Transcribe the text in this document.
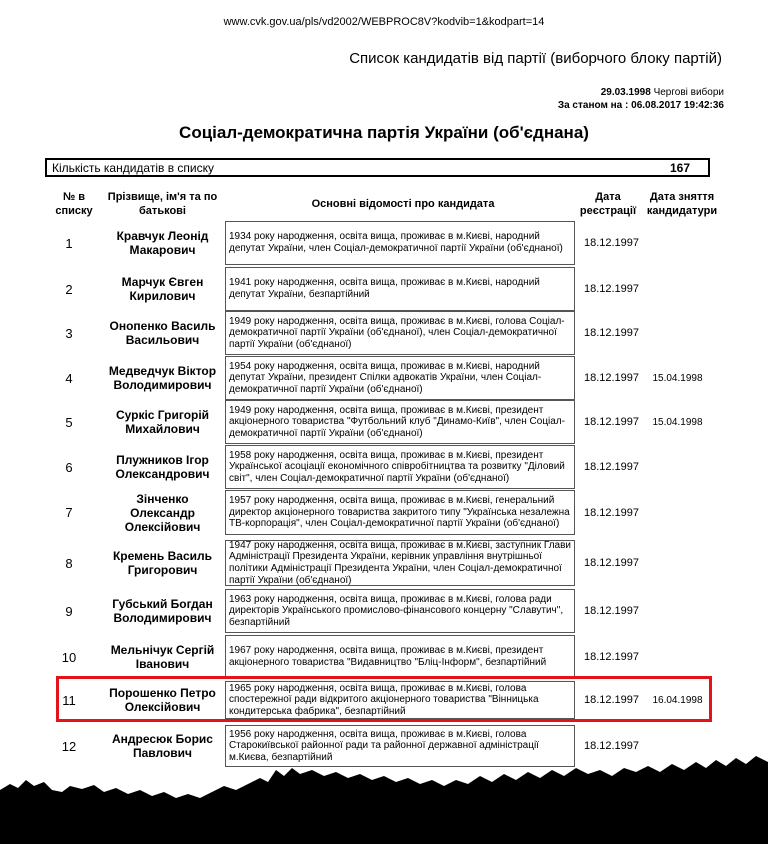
www.cvk.gov.ua/pls/vd2002/WEBPROC8V?kodvib=1&kodpart=14
Список кандидатів від партії (виборчого блоку партій)
29.03.1998 Чергові вибори
За станом на : 06.08.2017 19:42:36
Соціал-демократична партія України (об'єднана)
Кількість кандидатів в списку	167
№ в списку
Прізвище, ім'я та по батькові
Основні відомості про кандидата
Дата реєстрації
Дата зняття кандидатури
1	Кравчук Леонід Макарович
1934 року народження, освіта вища, проживає в м.Києві, народний депутат України, член Соціал-демократичної партії України (об'єднаної)	18.12.1997
2	Марчук Євген Кирилович
1941 року народження, освіта вища, проживає в м.Києві, народний депутат України, безпартійний	18.12.1997
3	Онопенко Василь Васильович
1949 року народження, освіта вища, проживає в м.Києві, голова Соціал-демократичної партії України (об'єднаної), член Соціал-демократичної партії України (об'єднаної)
18.12.1997
4	Медведчук Віктор Володимирович
1954 року народження, освіта вища, проживає в м.Києві, народний депутат України, президент Спілки адвокатів України, член Соціал-демократичної партії України (об'єднаної)
18.12.1997	15.04.1998
5	Суркіс Григорій Михайлович
1949 року народження, освіта вища, проживає в м.Києві, президент акціонерного товариства "Футбольний клуб "Динамо-Київ", член Соціал-демократичної партії України (об'єднаної)
18.12.1997	15.04.1998
6	Плужников Ігор Олександрович
1958 року народження, освіта вища, проживає в м.Києві, президент Української асоціації економічного співробітництва та розвитку "Діловий світ", член Соціал-демократичної партії України (об'єднаної)
18.12.1997
7
Зінченко Олександр Олексійович
1957 року народження, освіта вища, проживає в м.Києві, генеральний директор акціонерного товариства закритого типу "Українська незалежна ТВ-корпорація", член Соціал-демократичної партії України (об'єднаної)
18.12.1997
8	Кремень Василь Григорович
1947 року народження, освіта вища, проживає в м.Києві, заступник Глави Адміністрації Президента України, керівник управління внутрішньої політики Адміністрації Президента України, член Соціал-демократичної партії України (об'єднаної)
18.12.1997
9	Губський Богдан Володимирович
1963 року народження, освіта вища, проживає в м.Києві, голова ради директорів Українського промислово-фінансового концерну "Славутич", безпартійний
18.12.1997
10	Мельнічук Сергій Іванович
1967 року народження, освіта вища, проживає в м.Києві, президент акціонерного товариства "Видавництво "Бліц-Інформ", безпартійний	18.12.1997
11	Порошенко Петро Олексійович
1965 року народження, освіта вища, проживає в м.Києві, голова спостережної ради відкритого акціонерного товариства "Вінницька кондитерська фабрика", безпартійний
18.12.1997	16.04.1998
12	Андресюк Борис Павлович
1956 року народження, освіта вища, проживає в м.Києві, голова Старокиївської районної ради та районної державної адміністрації м.Києва, безпартійний
18.12.1997
